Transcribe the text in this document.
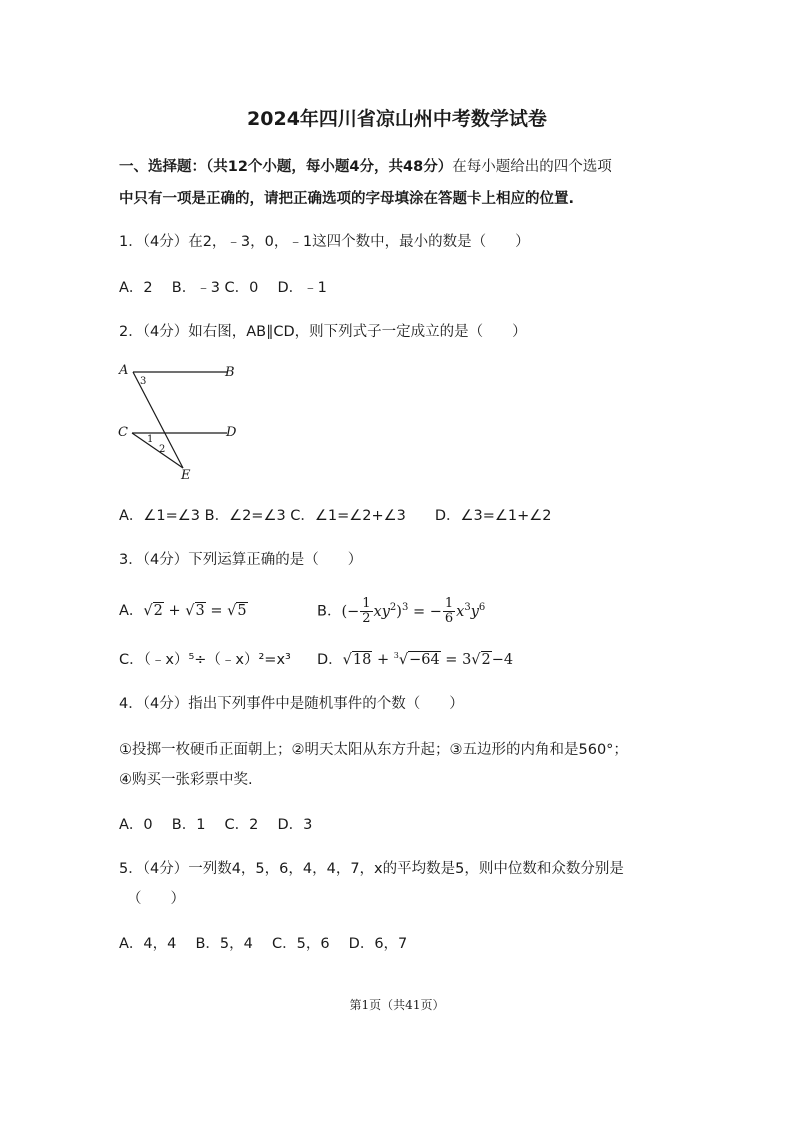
2024年四川省凉山州中考数学试卷
一、选择题：（共12个小题，每小题4分，共48分）在每小题给出的四个选项
中只有一项是正确的，请把正确选项的字母填涂在答题卡上相应的位置.
1．（4分）在2，﹣3，0，﹣1这四个数中，最小的数是（　　）
A．2　 B．﹣3 C．0　 D．﹣1
2．（4分）如右图，AB∥CD，则下列式子一定成立的是（　　）
A	B
C	D
E
3
1
2
A．∠1=∠3 B．∠2=∠3 C．∠1=∠2+∠3　　D．∠3=∠1+∠2
3．（4分）下列运算正确的是（　　）
A．√2 + √3 = √5	B．(− $\frac{1}{2} xy^2)^3$ = − $\frac{1}{6} x^3y^6$
C．（﹣x）⁵÷（﹣x）²=x³ D．√18 + $^3$√−64 = 3√2−4
4．（4分）指出下列事件中是随机事件的个数（　　）
①投掷一枚硬币正面朝上；②明天太阳从东方升起；③五边形的内角和是560°；
④购买一张彩票中奖.
A．0　 B．1　 C．2　 D．3
5．（4分）一列数4，5，6，4，4，7，x的平均数是5，则中位数和众数分别是
（　　）
A．4，4　 B．5，4　 C．5，6　 D．6，7
第1页（共41页）
